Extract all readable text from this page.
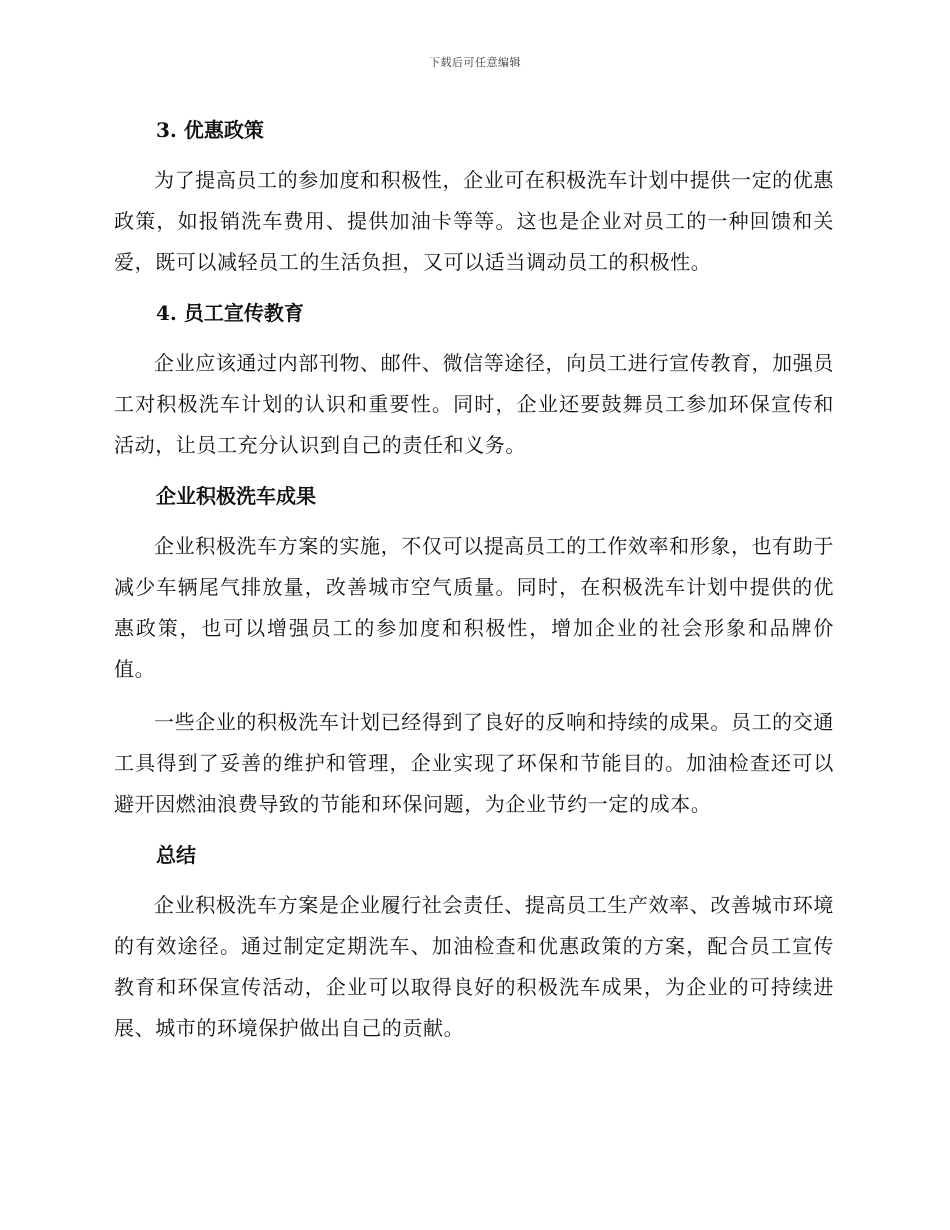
下载后可任意编辑
3. 优惠政策

为了提高员工的参加度和积极性，企业可在积极洗车计划中提供一定的优惠政策，如报销洗车费用、提供加油卡等等。这也是企业对员工的一种回馈和关爱，既可以减轻员工的生活负担，又可以适当调动员工的积极性。

4. 员工宣传教育

企业应该通过内部刊物、邮件、微信等途径，向员工进行宣传教育，加强员工对积极洗车计划的认识和重要性。同时，企业还要鼓舞员工参加环保宣传和活动，让员工充分认识到自己的责任和义务。

企业积极洗车成果

企业积极洗车方案的实施，不仅可以提高员工的工作效率和形象，也有助于减少车辆尾气排放量，改善城市空气质量。同时，在积极洗车计划中提供的优惠政策，也可以增强员工的参加度和积极性，增加企业的社会形象和品牌价值。

一些企业的积极洗车计划已经得到了良好的反响和持续的成果。员工的交通工具得到了妥善的维护和管理，企业实现了环保和节能目的。加油检查还可以避开因燃油浪费导致的节能和环保问题，为企业节约一定的成本。

总结

企业积极洗车方案是企业履行社会责任、提高员工生产效率、改善城市环境的有效途径。通过制定定期洗车、加油检查和优惠政策的方案，配合员工宣传教育和环保宣传活动，企业可以取得良好的积极洗车成果，为企业的可持续进展、城市的环境保护做出自己的贡献。
